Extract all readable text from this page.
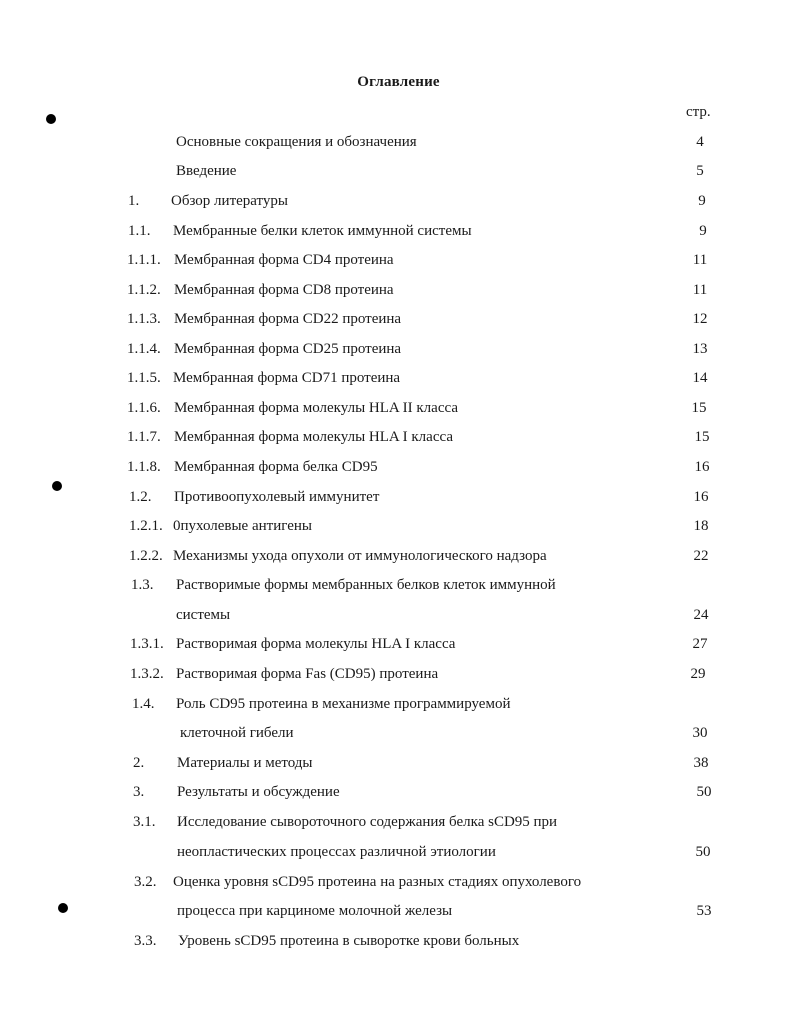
Оглавление
стр.
Основные сокращения и обозначения	4
Введение	5
1. Обзор литературы	9
1.1. Мембранные белки клеток иммунной системы	9
1.1.1. Мембранная форма CD4 протеина	11
1.1.2. Мембранная форма CD8 протеина	11
1.1.3. Мембранная форма CD22 протеина	12
1.1.4. Мембранная форма CD25 протеина	13
1.1.5. Мембранная форма CD71 протеина	14
1.1.6. Мембранная форма молекулы HLA II класса	15
1.1.7. Мембранная форма молекулы HLA I класса	15
1.1.8. Мембранная форма белка CD95	16
1.2. Противоопухолевый иммунитет	16
1.2.1. 0пухолевые антигены	18
1.2.2. Механизмы ухода опухоли от иммунологического надзора	22
1.3. Растворимые формы мембранных белков клеток иммунной
системы	24
1.3.1. Растворимая форма молекулы HLA I класса	27
1.3.2. Растворимая форма Fas (CD95) протеина	29
1.4. Роль CD95 протеина в механизме программируемой
клеточной гибели	30
2. Материалы и методы	38
3. Результаты и обсуждение	50
3.1. Исследование сывороточного содержания белка sCD95 при
неопластических процессах различной этиологии	50
3.2. Оценка уровня sCD95 протеина на разных стадиях опухолевого
процесса при карциноме молочной железы	53
3.3. Уровень sCD95 протеина в сыворотке крови больных
